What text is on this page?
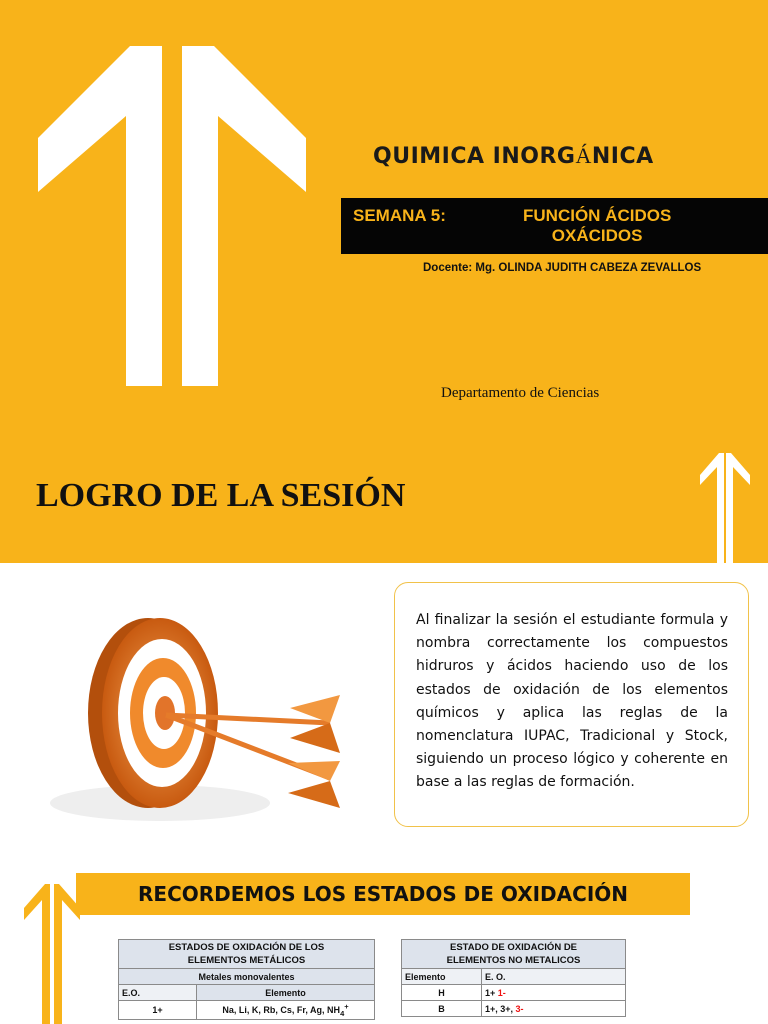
QUIMICA INORGÁNICA
SEMANA 5:	FUNCIÓN ÁCIDOS
OXÁCIDOS
Docente: Mg. OLINDA JUDITH CABEZA ZEVALLOS
Departamento de Ciencias
LOGRO DE LA SESIÓN

Al finalizar la sesión el estudiante formula y nombra correctamente los compuestos hidruros y ácidos haciendo uso de los estados de oxidación de los elementos químicos y aplica las reglas de la nomenclatura IUPAC, Tradicional y Stock, siguiendo un proceso lógico y coherente en base a las reglas de formación.

RECORDEMOS LOS ESTADOS DE OXIDACIÓN
ESTADOS DE OXIDACIÓN DE LOS
ELEMENTOS METÁLICOS	
Metales monovalentes	
E.O.	Elemento
1+	Na, Li, K, Rb, Cs, Fr, Ag, $NH_4^+$
ESTADO DE OXIDACIÓN DE
ELEMENTOS NO METALICOS	
Elemento	E. O.
H	1+ 1-
B	1+, 3+, 3-
